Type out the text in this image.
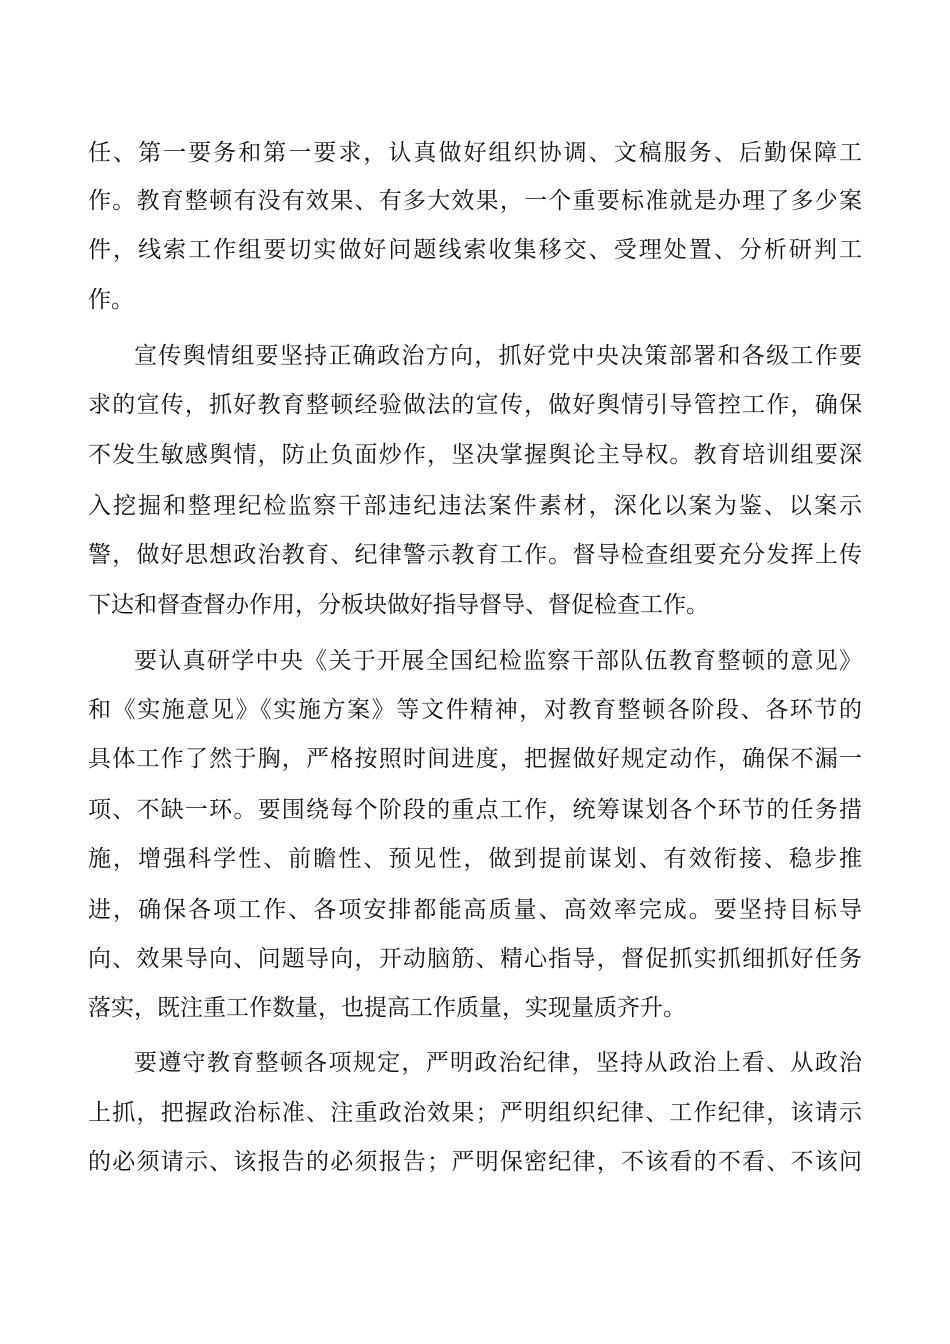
任、第一要务和第一要求，认真做好组织协调、文稿服务、后勤保障工
作。教育整顿有没有效果、有多大效果，一个重要标准就是办理了多少案
件，线索工作组要切实做好问题线索收集移交、受理处置、分析研判工
作。
宣传舆情组要坚持正确政治方向，抓好党中央决策部署和各级工作要
求的宣传，抓好教育整顿经验做法的宣传，做好舆情引导管控工作，确保
不发生敏感舆情，防止负面炒作，坚决掌握舆论主导权。教育培训组要深
入挖掘和整理纪检监察干部违纪违法案件素材，深化以案为鉴、以案示
警，做好思想政治教育、纪律警示教育工作。督导检查组要充分发挥上传
下达和督查督办作用，分板块做好指导督导、督促检查工作。
要认真研学中央《关于开展全国纪检监察干部队伍教育整顿的意见》
和《实施意见》《实施方案》等文件精神，对教育整顿各阶段、各环节的
具体工作了然于胸，严格按照时间进度，把握做好规定动作，确保不漏一
项、不缺一环。要围绕每个阶段的重点工作，统筹谋划各个环节的任务措
施，增强科学性、前瞻性、预见性，做到提前谋划、有效衔接、稳步推
进，确保各项工作、各项安排都能高质量、高效率完成。要坚持目标导
向、效果导向、问题导向，开动脑筋、精心指导，督促抓实抓细抓好任务
落实，既注重工作数量，也提高工作质量，实现量质齐升。
要遵守教育整顿各项规定，严明政治纪律，坚持从政治上看、从政治
上抓，把握政治标准、注重政治效果；严明组织纪律、工作纪律，该请示
的必须请示、该报告的必须报告；严明保密纪律，不该看的不看、不该问
